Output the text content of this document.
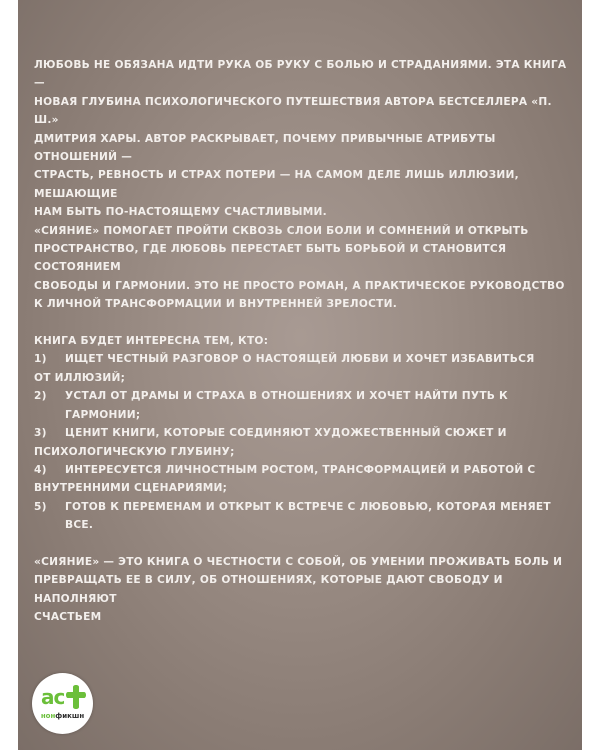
ЛЮБОВЬ НЕ ОБЯЗАНА ИДТИ РУКА ОБ РУКУ С БОЛЬЮ И СТРАДАНИЯМИ. ЭТА КНИГА —

НОВАЯ ГЛУБИНА ПСИХОЛОГИЧЕСКОГО ПУТЕШЕСТВИЯ АВТОРА БЕСТСЕЛЛЕРА «П. Ш.»

ДМИТРИЯ ХАРЫ. АВТОР РАСКРЫВАЕТ, ПОЧЕМУ ПРИВЫЧНЫЕ АТРИБУТЫ ОТНОШЕНИЙ —

СТРАСТЬ, РЕВНОСТЬ И СТРАХ ПОТЕРИ — НА САМОМ ДЕЛЕ ЛИШЬ ИЛЛЮЗИИ, МЕШАЮЩИЕ

НАМ БЫТЬ ПО-НАСТОЯЩЕМУ СЧАСТЛИВЫМИ.

«СИЯНИЕ» ПОМОГАЕТ ПРОЙТИ СКВОЗЬ СЛОИ БОЛИ И СОМНЕНИЙ И ОТКРЫТЬ

ПРОСТРАНСТВО, ГДЕ ЛЮБОВЬ ПЕРЕСТАЕТ БЫТЬ БОРЬБОЙ И СТАНОВИТСЯ СОСТОЯНИЕМ

СВОБОДЫ И ГАРМОНИИ. ЭТО НЕ ПРОСТО РОМАН, А ПРАКТИЧЕСКОЕ РУКОВОДСТВО

К ЛИЧНОЙ ТРАНСФОРМАЦИИ И ВНУТРЕННЕЙ ЗРЕЛОСТИ.

КНИГА БУДЕТ ИНТЕРЕСНА ТЕМ, КТО:

1)	ИЩЕТ ЧЕСТНЫЙ РАЗГОВОР О НАСТОЯЩЕЙ ЛЮБВИ И ХОЧЕТ ИЗБАВИТЬСЯ

ОТ ИЛЛЮЗИЙ;

2)	УСТАЛ ОТ ДРАМЫ И СТРАХА В ОТНОШЕНИЯХ И ХОЧЕТ НАЙТИ ПУТЬ К ГАРМОНИИ;
3)	ЦЕНИТ КНИГИ, КОТОРЫЕ СОЕДИНЯЮТ ХУДОЖЕСТВЕННЫЙ СЮЖЕТ И

ПСИХОЛОГИЧЕСКУЮ ГЛУБИНУ;

4)	ИНТЕРЕСУЕТСЯ ЛИЧНОСТНЫМ РОСТОМ, ТРАНСФОРМАЦИЕЙ И РАБОТОЙ С

ВНУТРЕННИМИ СЦЕНАРИЯМИ;

5)	ГОТОВ К ПЕРЕМЕНАМ И ОТКРЫТ К ВСТРЕЧЕ С ЛЮБОВЬЮ, КОТОРАЯ МЕНЯЕТ ВСЕ.

«СИЯНИЕ» — ЭТО КНИГА О ЧЕСТНОСТИ С СОБОЙ, ОБ УМЕНИИ ПРОЖИВАТЬ БОЛЬ И

ПРЕВРАЩАТЬ ЕЕ В СИЛУ, ОБ ОТНОШЕНИЯХ, КОТОРЫЕ ДАЮТ СВОБОДУ И НАПОЛНЯЮТ

СЧАСТЬЕМ

ас
нонфикшн
